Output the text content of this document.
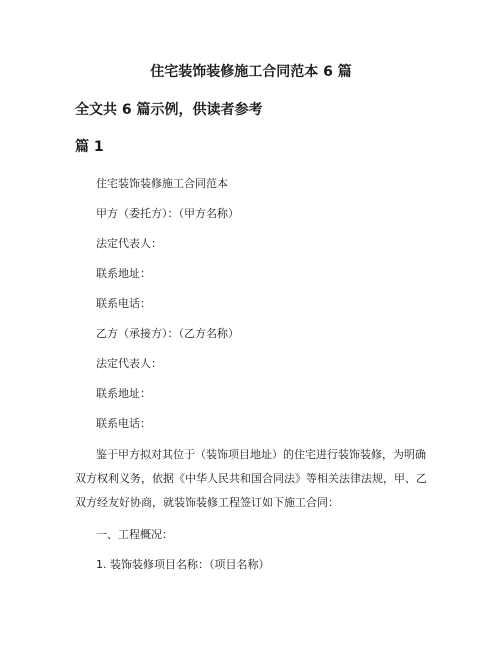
住宅装饰装修施工合同范本 6 篇
全文共 6 篇示例，供读者参考
篇 1
住宅装饰装修施工合同范本
甲方（委托方）：（甲方名称）
法定代表人：
联系地址：
联系电话：
乙方（承接方）：（乙方名称）
法定代表人：
联系地址：
联系电话：
鉴于甲方拟对其位于（装饰项目地址）的住宅进行装饰装修，为明确双方权利义务，依据《中华人民共和国合同法》等相关法律法规，甲、乙双方经友好协商，就装饰装修工程签订如下施工合同：
一、工程概况：
1. 装饰装修项目名称：（项目名称）
